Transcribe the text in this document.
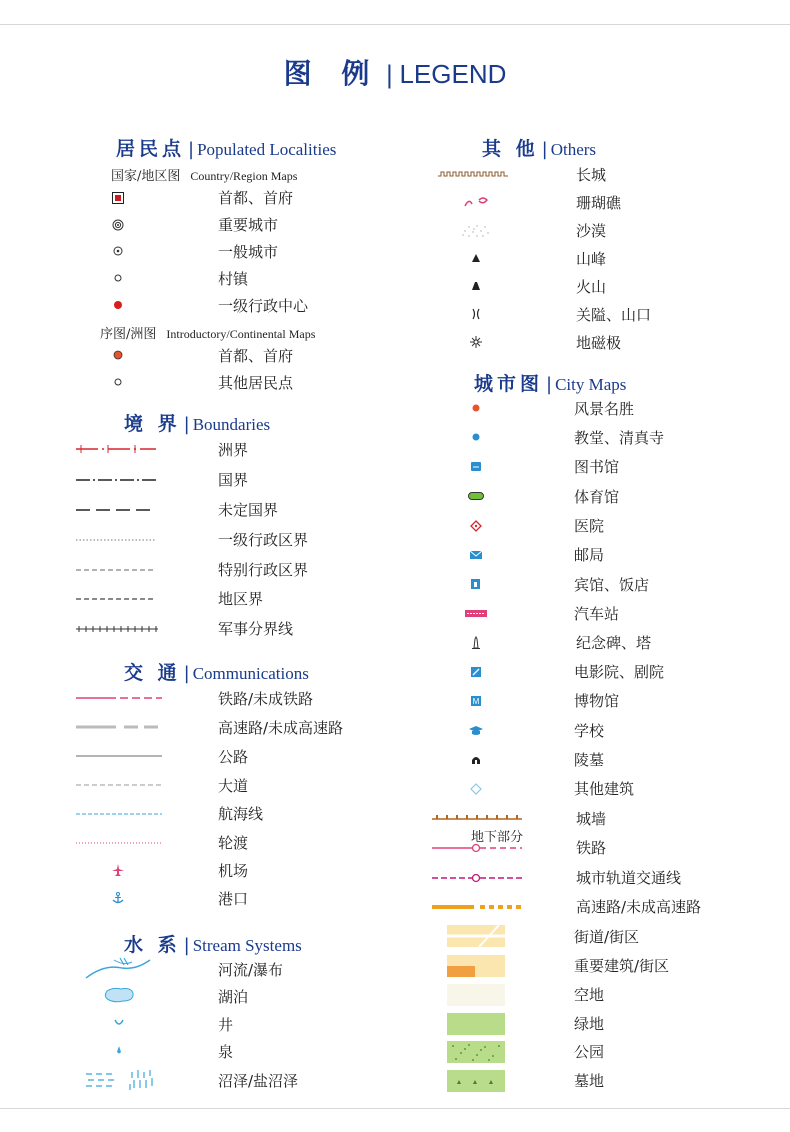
图 例 | LEGEND
居民点 | Populated Localities
国家/地区图 Country/Region Maps
首都、首府
重要城市
一般城市
村镇
一级行政中心
序图/洲图 Introductory/Continental Maps
首都、首府
其他居民点
境 界 | Boundaries
洲界
国界
未定国界
一级行政区界
特别行政区界
地区界
军事分界线
交 通 | Communications
铁路/未成铁路
高速路/未成高速路
公路
大道
航海线
轮渡
机场
港口
水 系 | Stream Systems
河流/瀑布
湖泊
井
泉
沼泽/盐沼泽
其 他 | Others
长城
珊瑚礁
沙漠
山峰
火山
关隘、山口
地磁极
城市图 | City Maps
风景名胜
教堂、清真寺
图书馆
体育馆
医院
邮局
宾馆、饭店
汽车站
纪念碑、塔
电影院、剧院
M	博物馆
学校
陵墓
其他建筑
城墙
地下部分
铁路
城市轨道交通线
高速路/未成高速路
街道/街区
重要建筑/街区
空地
绿地
公园
墓地
